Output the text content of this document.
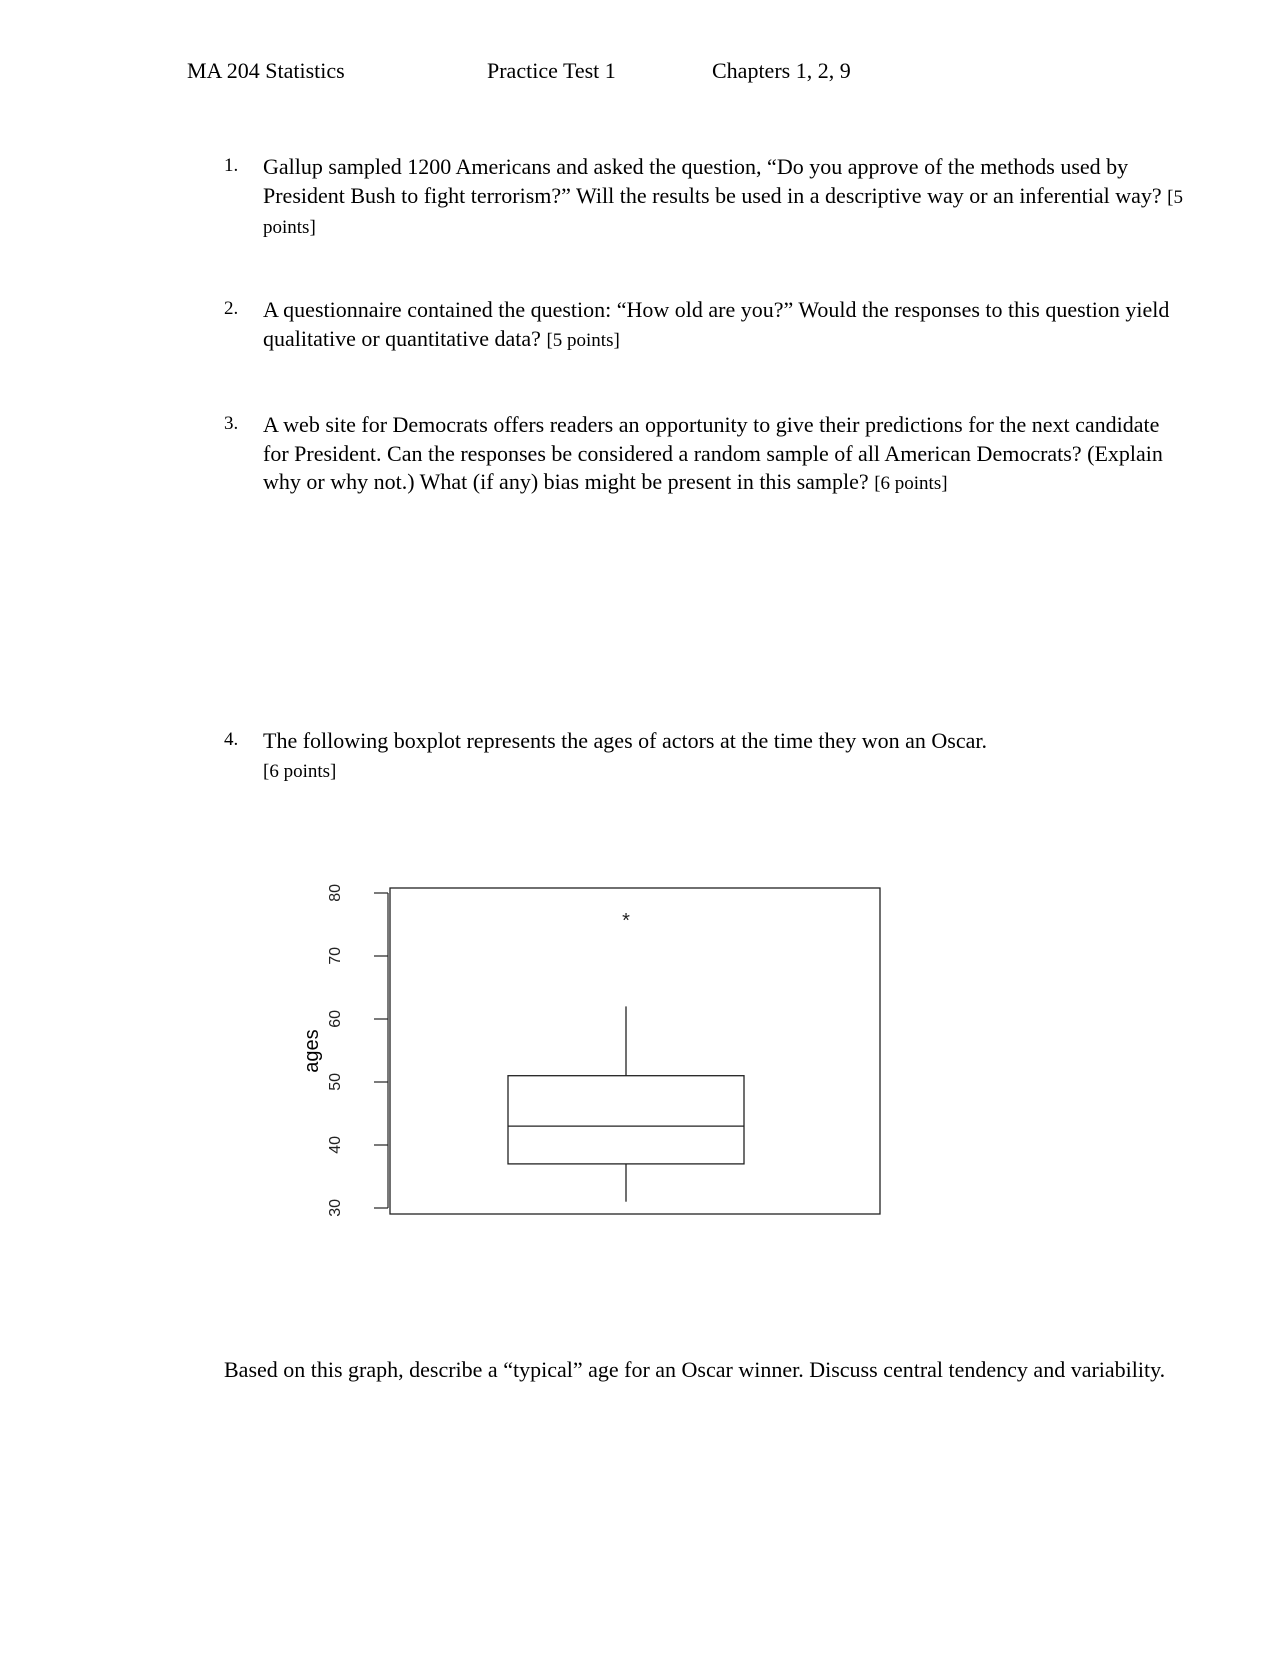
MA 204 Statistics	Practice Test 1	Chapters 1, 2, 9
1. Gallup sampled 1200 Americans and asked the question, “Do you approve of the methods used by President Bush to fight terrorism?” Will the results be used in a descriptive way or an inferential way? [5 points]
2. A questionnaire contained the question: “How old are you?” Would the responses to this question yield qualitative or quantitative data? [5 points]
3. A web site for Democrats offers readers an opportunity to give their predictions for the next candidate for President. Can the responses be considered a random sample of all American Democrats? (Explain why or why not.) What (if any) bias might be present in this sample? [6 points]
4. The following boxplot represents the ages of actors at the time they won an Oscar.
[6 points]
30
40
50
60
70
80
ages
*
Based on this graph, describe a “typical” age for an Oscar winner. Discuss central tendency and variability.
